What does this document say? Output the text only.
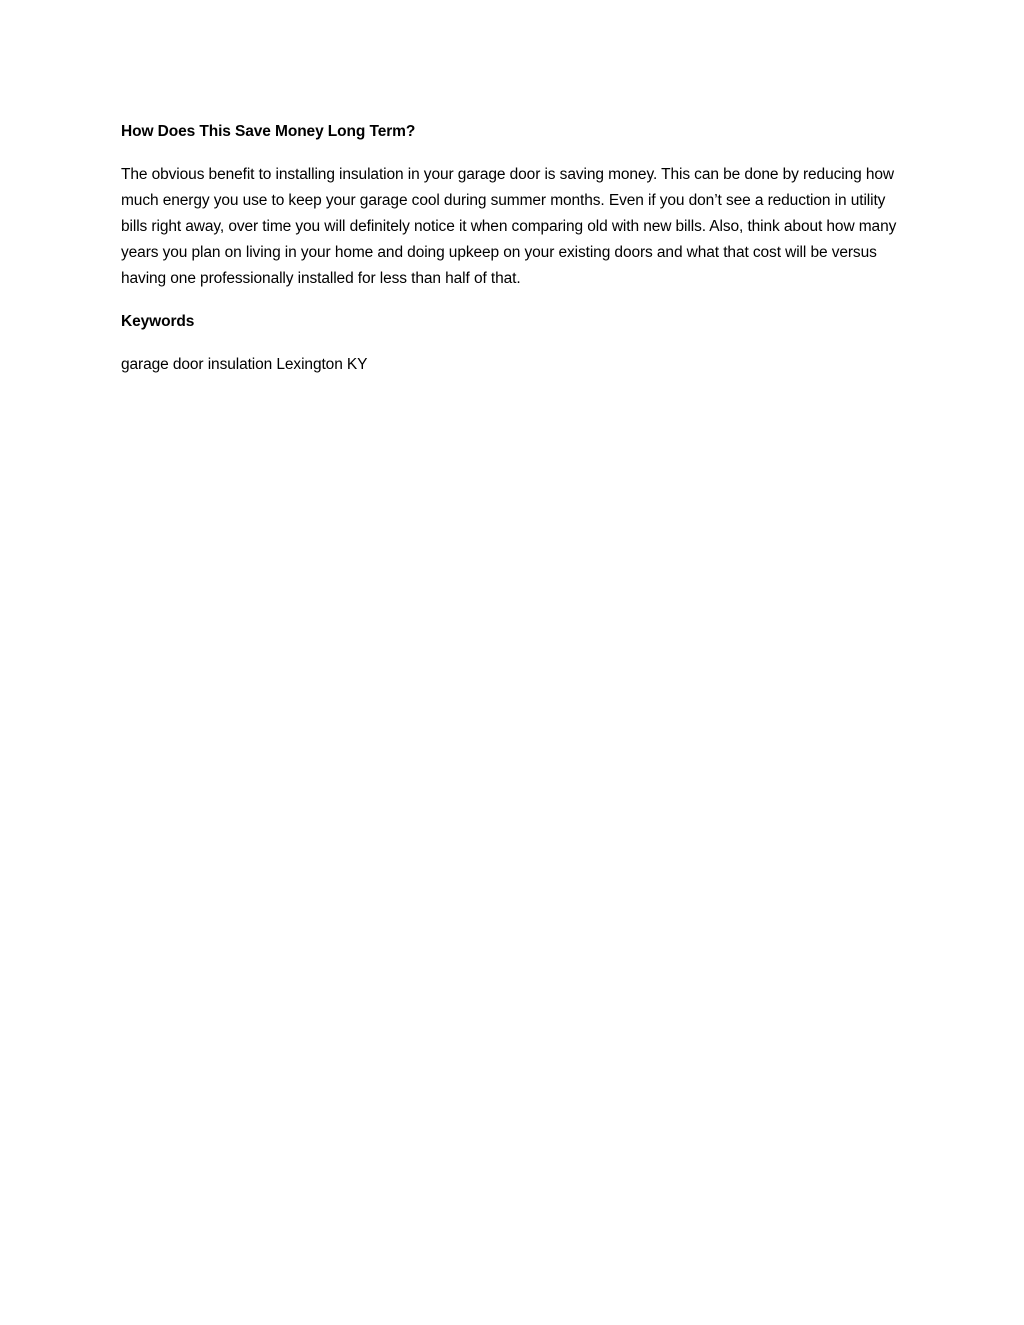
How Does This Save Money Long Term?

The obvious benefit to installing insulation in your garage door is saving money. This can be done by reducing how much energy you use to keep your garage cool during summer months. Even if you don’t see a reduction in utility bills right away, over time you will definitely notice it when comparing old with new bills. Also, think about how many years you plan on living in your home and doing upkeep on your existing doors and what that cost will be versus having one professionally installed for less than half of that.

Keywords

garage door insulation Lexington KY
